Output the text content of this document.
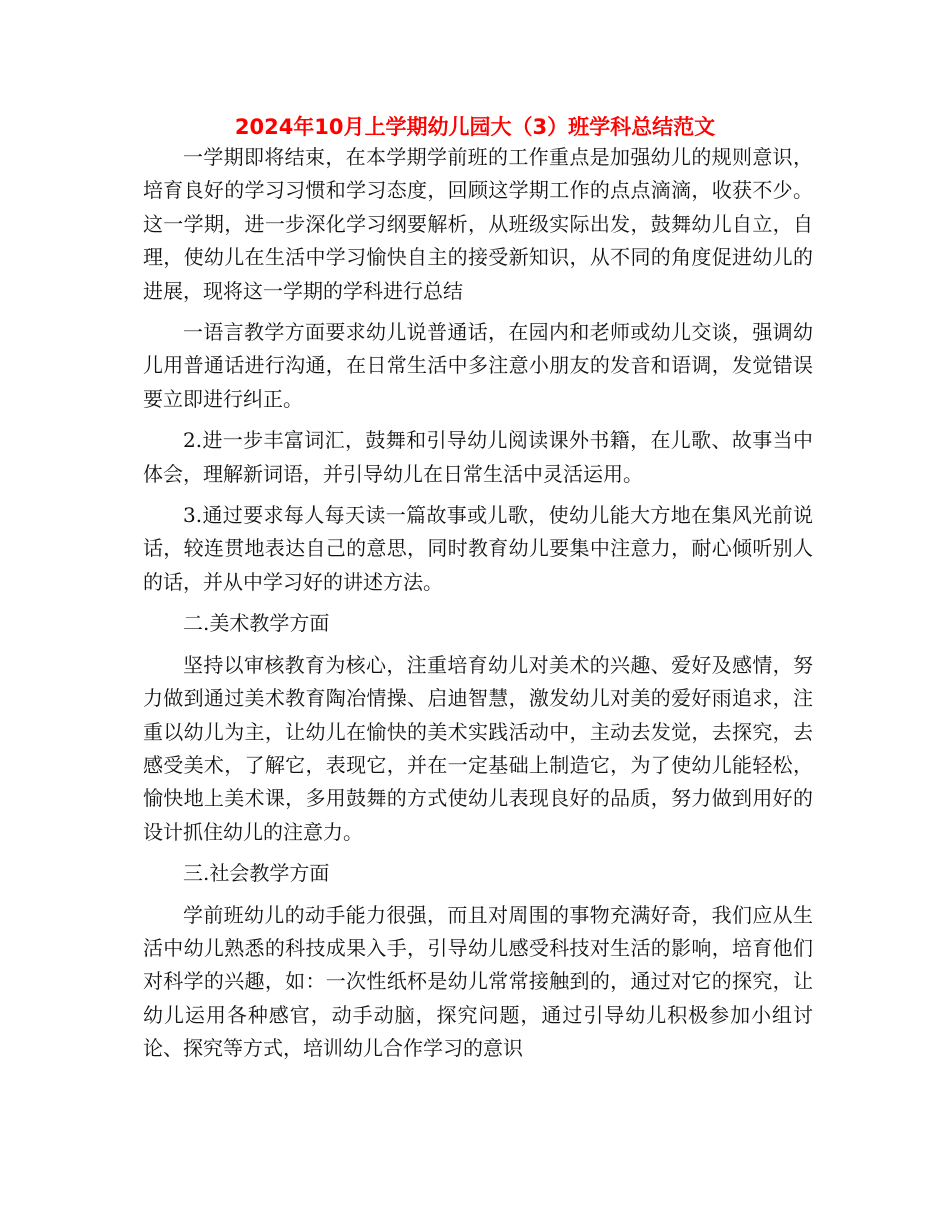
2024年10月上学期幼儿园大（3）班学科总结范文

一学期即将结束，在本学期学前班的工作重点是加强幼儿的规则意识，培育良好的学习习惯和学习态度，回顾这学期工作的点点滴滴，收获不少。这一学期，进一步深化学习纲要解析，从班级实际出发，鼓舞幼儿自立，自理，使幼儿在生活中学习愉快自主的接受新知识，从不同的角度促进幼儿的进展，现将这一学期的学科进行总结

一语言教学方面要求幼儿说普通话，在园内和老师或幼儿交谈，强调幼儿用普通话进行沟通，在日常生活中多注意小朋友的发音和语调，发觉错误要立即进行纠正。

2.进一步丰富词汇，鼓舞和引导幼儿阅读课外书籍，在儿歌、故事当中体会，理解新词语，并引导幼儿在日常生活中灵活运用。

3.通过要求每人每天读一篇故事或儿歌，使幼儿能大方地在集风光前说话，较连贯地表达自己的意思，同时教育幼儿要集中注意力，耐心倾听别人的话，并从中学习好的讲述方法。

二.美术教学方面

坚持以审核教育为核心，注重培育幼儿对美术的兴趣、爱好及感情，努力做到通过美术教育陶冶情操、启迪智慧，激发幼儿对美的爱好雨追求，注重以幼儿为主，让幼儿在愉快的美术实践活动中，主动去发觉，去探究，去感受美术，了解它，表现它，并在一定基础上制造它，为了使幼儿能轻松，愉快地上美术课，多用鼓舞的方式使幼儿表现良好的品质，努力做到用好的设计抓住幼儿的注意力。

三.社会教学方面

学前班幼儿的动手能力很强，而且对周围的事物充满好奇，我们应从生活中幼儿熟悉的科技成果入手，引导幼儿感受科技对生活的影响，培育他们对科学的兴趣，如：一次性纸杯是幼儿常常接触到的，通过对它的探究，让幼儿运用各种感官，动手动脑，探究问题，通过引导幼儿积极参加小组讨论、探究等方式，培训幼儿合作学习的意识
